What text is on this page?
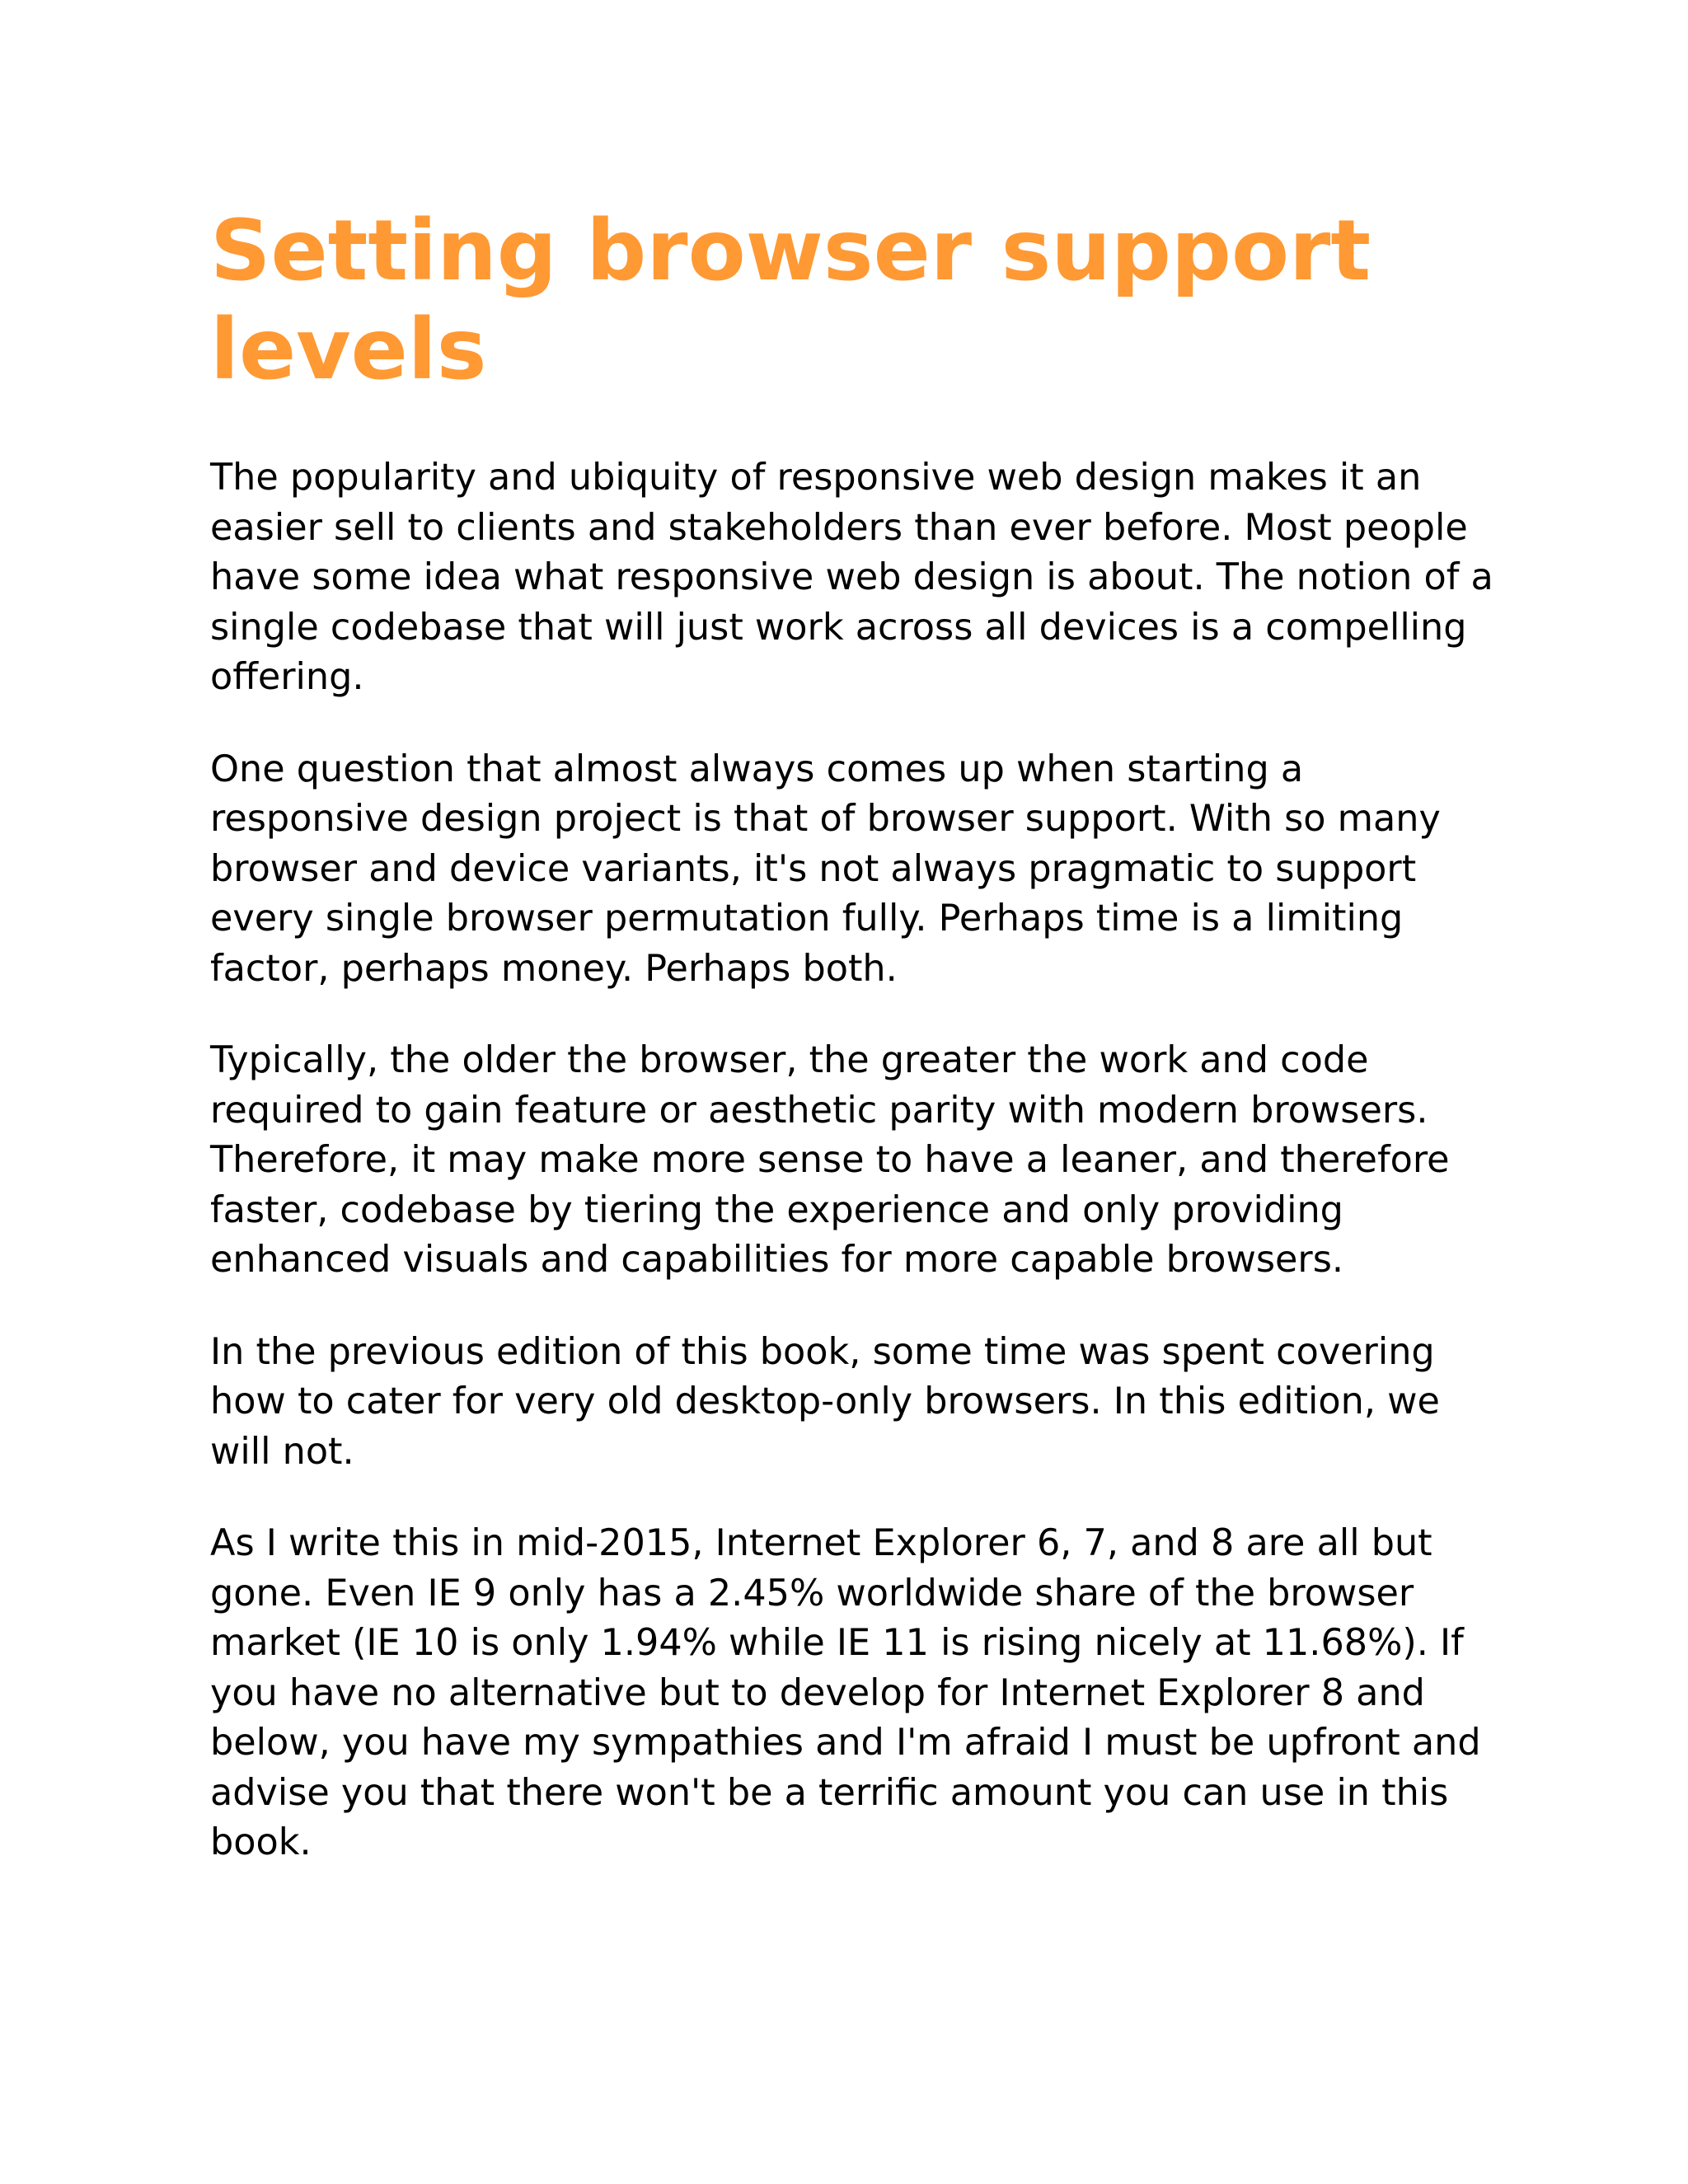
Setting browser support levels

The popularity and ubiquity of responsive web design makes it an easier sell to clients and stakeholders than ever before. Most people have some idea what responsive web design is about. The notion of a single codebase that will just work across all devices is a compelling offering.

One question that almost always comes up when starting a responsive design project is that of browser support. With so many browser and device variants, it's not always pragmatic to support every single browser permutation fully. Perhaps time is a limiting factor, perhaps money. Perhaps both.

Typically, the older the browser, the greater the work and code required to gain feature or aesthetic parity with modern browsers. Therefore, it may make more sense to have a leaner, and therefore faster, codebase by tiering the experience and only providing enhanced visuals and capabilities for more capable browsers.

In the previous edition of this book, some time was spent covering how to cater for very old desktop-only browsers. In this edition, we will not.

As I write this in mid-2015, Internet Explorer 6, 7, and 8 are all but gone. Even IE 9 only has a 2.45% worldwide share of the browser market (IE 10 is only 1.94% while IE 11 is rising nicely at 11.68%). If you have no alternative but to develop for Internet Explorer 8 and below, you have my sympathies and I'm afraid I must be upfront and advise you that there won't be a terrific amount you can use in this book.
